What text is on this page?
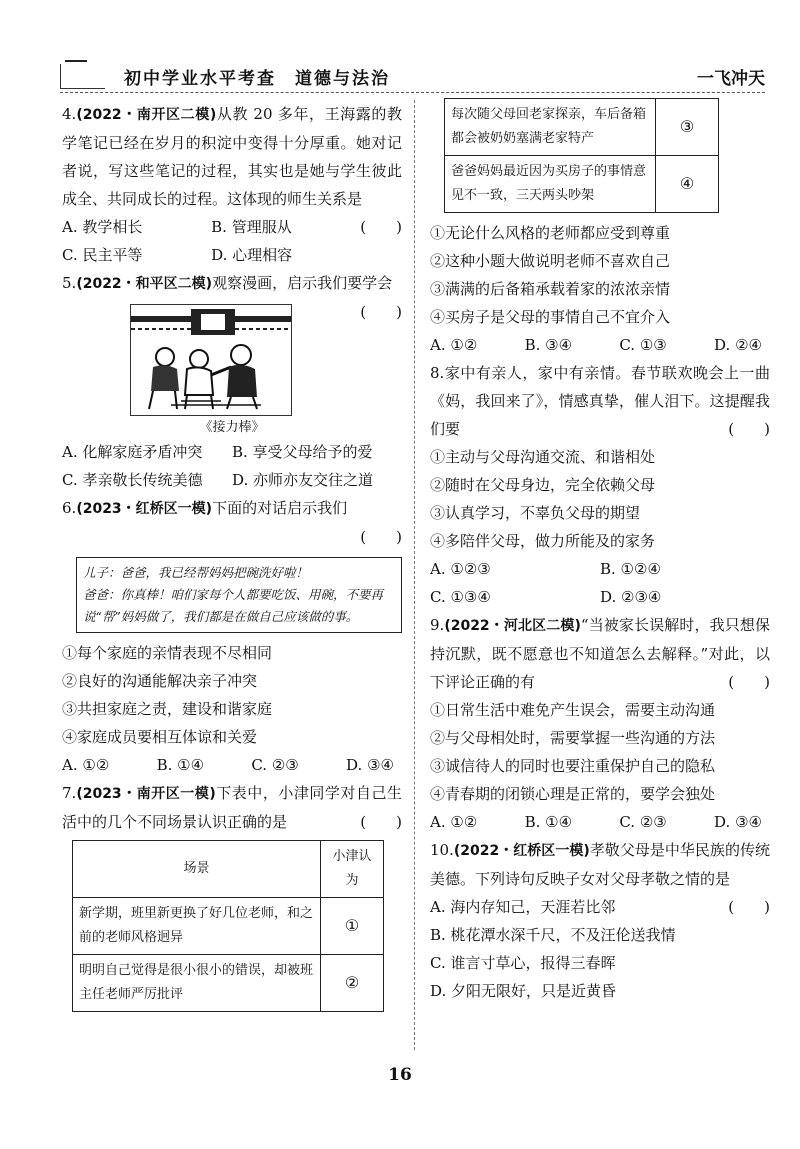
初中学业水平考查　道德与法治	一飞冲天
4.(2022・南开区二模)从教 20 多年，王海露的教学笔记已经在岁月的积淀中变得十分厚重。她对记者说，写这些笔记的过程，其实也是她与学生彼此成全、共同成长的过程。这体现的师生关系是
(　　)
A. 教学相长	B. 管理服从
C. 民主平等	D. 心理相容
5.(2022・和平区二模)观察漫画，启示我们要学会
(　　)
《接力棒》
A. 化解家庭矛盾冲突	B. 享受父母给予的爱
C. 孝亲敬长传统美德	D. 亦师亦友交往之道
6.(2023・红桥区一模)下面的对话启示我们
(　　)
儿子：爸爸，我已经帮妈妈把碗洗好啦！
爸爸：你真棒！咱们家每个人都要吃饭、用碗，不要再说“帮”妈妈做了，我们都是在做自己应该做的事。
①每个家庭的亲情表现不尽相同
②良好的沟通能解决亲子冲突
③共担家庭之责，建设和谐家庭
④家庭成员要相互体谅和关爱
A. ①②	B. ①④	C. ②③	D. ③④
7.(2023・南开区一模)下表中，小津同学对自己生活中的几个不同场景认识正确的是	(　　)
场景	小津认为
新学期，班里新更换了好几位老师，和之前的老师风格迥异	①
明明自己觉得是很小很小的错误，却被班主任老师严厉批评	②
每次随父母回老家探亲，车后备箱都会被奶奶塞满老家特产	③
爸爸妈妈最近因为买房子的事情意见不一致，三天两头吵架	④
①无论什么风格的老师都应受到尊重
②这种小题大做说明老师不喜欢自己
③满满的后备箱承载着家的浓浓亲情
④买房子是父母的事情自己不宜介入
A. ①②	B. ③④	C. ①③	D. ②④
8.家中有亲人，家中有亲情。春节联欢晚会上一曲《妈，我回来了》，情感真挚，催人泪下。这提醒我们要	(　　)
①主动与父母沟通交流、和谐相处
②随时在父母身边，完全依赖父母
③认真学习，不辜负父母的期望
④多陪伴父母，做力所能及的家务
A. ①②③	B. ①②④
C. ①③④	D. ②③④
9.(2022・河北区二模)“当被家长误解时，我只想保持沉默，既不愿意也不知道怎么去解释。”对此，以下评论正确的有	(　　)
①日常生活中难免产生误会，需要主动沟通
②与父母相处时，需要掌握一些沟通的方法
③诚信待人的同时也要注重保护自己的隐私
④青春期的闭锁心理是正常的，要学会独处
A. ①②	B. ①④	C. ②③	D. ③④
10.(2022・红桥区一模)孝敬父母是中华民族的传统美德。下列诗句反映子女对父母孝敬之情的是
(　　)
A. 海内存知己，天涯若比邻
B. 桃花潭水深千尺，不及汪伦送我情
C. 谁言寸草心，报得三春晖
D. 夕阳无限好，只是近黄昏
16
